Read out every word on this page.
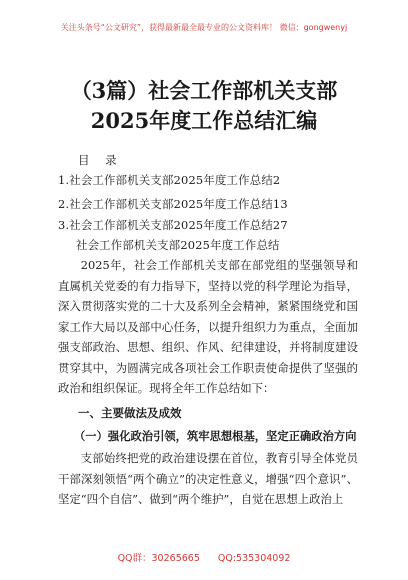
关注头条号“公文研究”，获得最新最全最专业的公文资料库！ 微信：gongwenyj
（3篇）社会工作部机关支部2025年度工作总结汇编
目 录
1.社会工作部机关支部2025年度工作总结2
2.社会工作部机关支部2025年度工作总结13
3.社会工作部机关支部2025年度工作总结27
社会工作部机关支部2025年度工作总结
2025年，社会工作部机关支部在部党组的坚强领导和直属机关党委的有力指导下，坚持以党的科学理论为指导，深入贯彻落实党的二十大及系列全会精神，紧紧围绕党和国家工作大局以及部中心任务，以提升组织力为重点，全面加强支部政治、思想、组织、作风、纪律建设，并将制度建设贯穿其中，为圆满完成各项社会工作职责使命提供了坚强的政治和组织保证。现将全年工作总结如下：
一、主要做法及成效
（一）强化政治引领，筑牢思想根基，坚定正确政治方向
支部始终把党的政治建设摆在首位，教育引导全体党员干部深刻领悟“两个确立”的决定性意义，增强“四个意识”、坚定“四个自信”、做到“两个维护”，自觉在思想上政治上
QQ群：30265665 QQ:535304092
